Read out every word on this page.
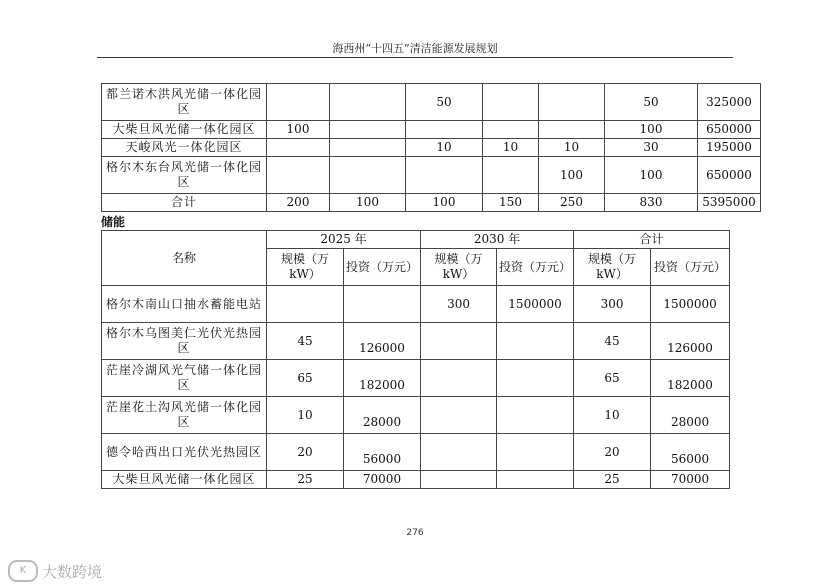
海西州“十四五”清洁能源发展规划
都兰诺木洪风光储一体化园区			50			50	325000
大柴旦风光储一体化园区	100					100	650000
天峻风光一体化园区			10	10	10	30	195000
格尔木东台风光储一体化园区					100	100	650000
合计	200	100	100	150	250	830	5395000
储能
名称	2025 年		2030 年		合计	
	规模（万kW）	投资（万元）	规模（万kW）	投资（万元）	规模（万kW）	投资（万元）
格尔木南山口抽水蓄能电站			300	1500000	300	1500000
格尔木乌图美仁光伏光热园区	45	126000			45	126000

茫崖冷湖风光气储一体化园区	65	182000			65	182000

茫崖花土沟风光储一体化园区	10	28000			10	28000

德令哈西出口光伏光热园区	20	56000			20	56000

大柴旦风光储一体化园区	25	70000			25	70000
276
K	大数跨境
